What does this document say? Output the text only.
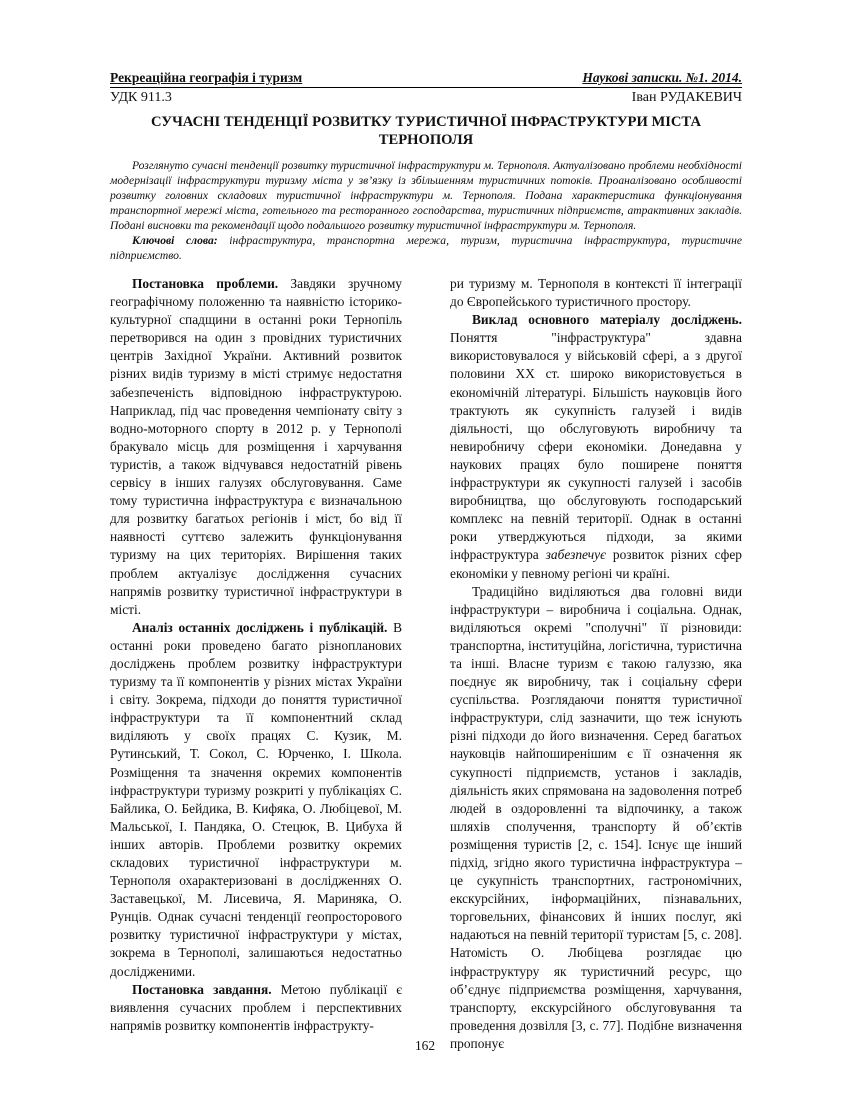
Рекреаційна географія і туризм	Наукові записки. №1. 2014.
УДК 911.3	Іван РУДАКЕВИЧ
СУЧАСНІ ТЕНДЕНЦІЇ РОЗВИТКУ ТУРИСТИЧНОЇ ІНФРАСТРУКТУРИ МІСТА ТЕРНОПОЛЯ
Розглянуто сучасні тенденції розвитку туристичної інфраструктури м. Тернополя. Актуалізовано проблеми необхідності модернізації інфраструктури туризму міста у зв’язку із збільшенням туристичних потоків. Проаналізовано особливості розвитку головних складових туристичної інфраструктури м. Тернополя. Подана характеристика функціонування транспортної мережі міста, готельного та ресторанного господарства, туристичних підприємств, атрактивних закладів. Подані висновки та рекомендації щодо подальшого розвитку туристичної інфраструктури м. Тернополя.
Ключові слова: інфраструктура, транспортна мережа, туризм, туристична інфраструктура, туристичне підприємство.

Постановка проблеми. Завдяки зручному географічному положенню та наявністю історико-культурної спадщини в останні роки Тернопіль перетворився на один з провідних туристичних центрів Західної України. Активний розвиток різних видів туризму в місті стримує недостатня забезпеченість відповідною інфраструктурою. Наприклад, під час проведення чемпіонату світу з водно-моторного спорту в 2012 р. у Тернополі бракувало місць для розміщення і харчування туристів, а також відчувався недостатній рівень сервісу в інших галузях обслуговування. Саме тому туристична інфраструктура є визначальною для розвитку багатьох регіонів і міст, бо від її наявності суттєво залежить функціонування туризму на цих територіях. Вирішення таких проблем актуалізує дослідження сучасних напрямів розвитку туристичної інфраструктури в місті.

Аналіз останніх досліджень і публікацій. В останні роки проведено багато різнопланових досліджень проблем розвитку інфраструктури туризму та її компонентів у різних містах України і світу. Зокрема, підходи до поняття туристичної інфраструктури та її компонентний склад виділяють у своїх працях С. Кузик, М. Рутинський, Т. Сокол, С. Юрченко, І. Школа. Розміщення та значення окремих компонентів інфраструктури туризму розкриті у публікаціях С. Байлика, О. Бейдика, В. Кифяка, О. Любіцевої, М. Мальської, І. Пандяка, О. Стецюк, В. Цибуха й інших авторів. Проблеми розвитку окремих складових туристичної інфраструктури м. Тернополя охарактеризовані в дослідженнях О. Заставецької, М. Лисевича, Я. Мариняка, О. Рунців. Однак сучасні тенденції геопросторового розвитку туристичної інфраструктури у містах, зокрема в Тернополі, залишаються недостатньо дослідженими.

Постановка завдання. Метою публікації є виявлення сучасних проблем і перспективних напрямів розвитку компонентів інфраструкту-

ри туризму м. Тернополя в контексті її інтеграції до Європейського туристичного простору.

Виклад основного матеріалу досліджень. Поняття "інфраструктура" здавна використовувалося у військовій сфері, а з другої половини ХХ ст. широко використовується в економічній літературі. Більшість науковців його трактують як сукупність галузей і видів діяльності, що обслуговують виробничу та невиробничу сфери економіки. Донедавна у наукових працях було поширене поняття інфраструктури як сукупності галузей і засобів виробництва, що обслуговують господарський комплекс на певній території. Однак в останні роки утверджуються підходи, за якими інфраструктура забезпечує розвиток різних сфер економіки у певному регіоні чи країні.

Традиційно виділяються два головні види інфраструктури – виробнича і соціальна. Однак, виділяються окремі "сполучні" її різновиди: транспортна, інституційна, логістична, туристична та інші. Власне туризм є такою галуззю, яка поєднує як виробничу, так і соціальну сфери суспільства. Розглядаючи поняття туристичної інфраструктури, слід зазначити, що теж існують різні підходи до його визначення. Серед багатьох науковців найпоширенішим є її означення як сукупності підприємств, установ і закладів, діяльність яких спрямована на задоволення потреб людей в оздоровленні та відпочинку, а також шляхів сполучення, транспорту й об’єктів розміщення туристів [2, с. 154]. Існує ще інший підхід, згідно якого туристична інфраструктура – це сукупність транспортних, гастрономічних, екскурсійних, інформаційних, пізнавальних, торговельних, фінансових й інших послуг, які надаються на певній території туристам [5, с. 208]. Натомість О. Любіцева розглядає цю інфраструктуру як туристичний ресурс, що об’єднує підприємства розміщення, харчування, транспорту, екскурсійного обслуговування та проведення дозвілля [3, с. 77]. Подібне визначення пропонує

162
